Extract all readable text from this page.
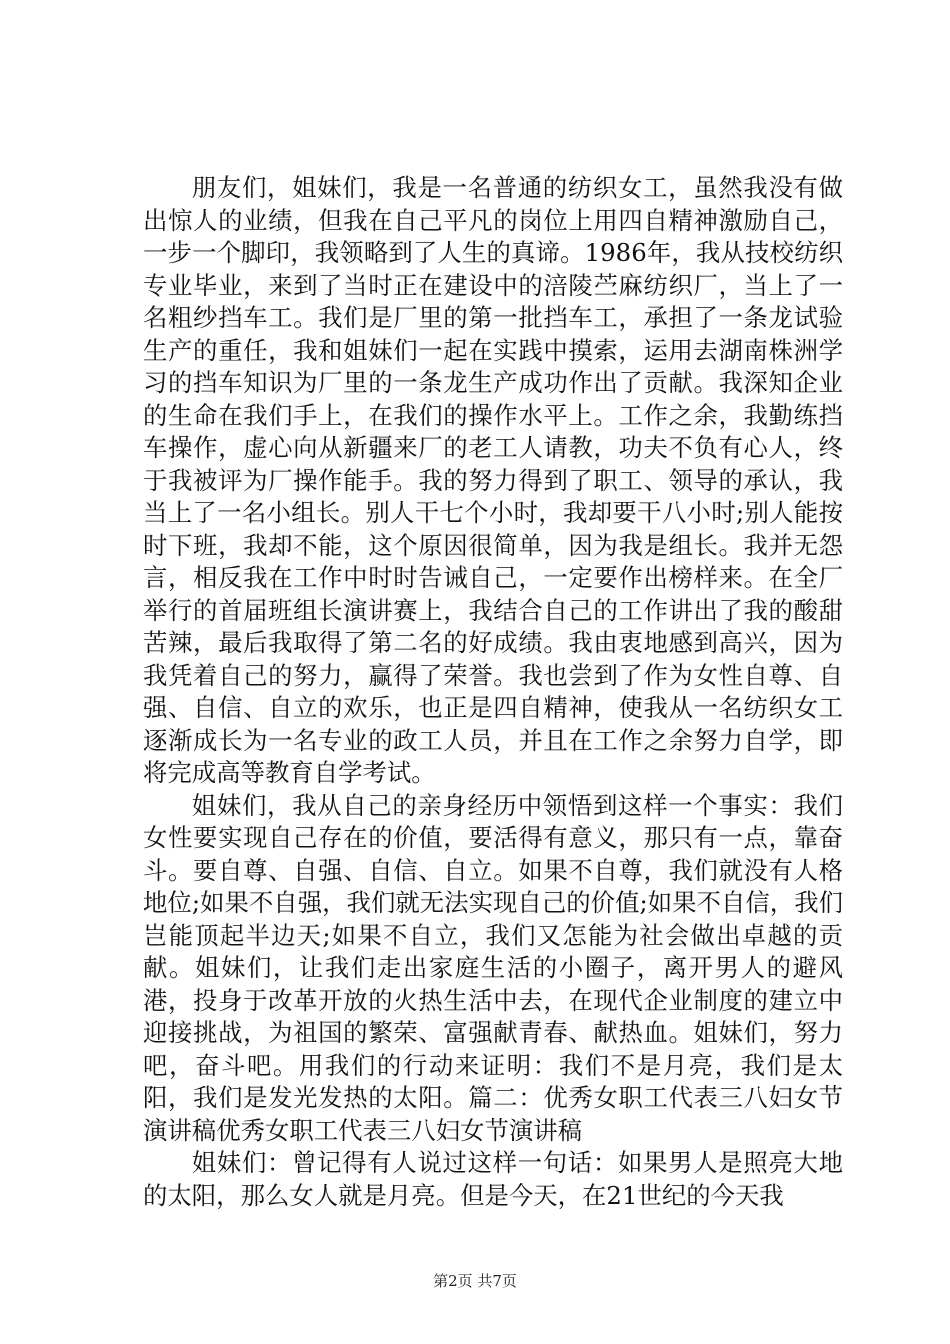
朋友们，姐妹们，我是一名普通的纺织女工，虽然我没有做出惊人的业绩，但我在自己平凡的岗位上用四自精神激励自己，一步一个脚印，我领略到了人生的真谛。1986年，我从技校纺织专业毕业，来到了当时正在建设中的涪陵苎麻纺织厂，当上了一名粗纱挡车工。我们是厂里的第一批挡车工，承担了一条龙试验生产的重任，我和姐妹们一起在实践中摸索，运用去湖南株洲学习的挡车知识为厂里的一条龙生产成功作出了贡献。我深知企业的生命在我们手上，在我们的操作水平上。工作之余，我勤练挡车操作，虚心向从新疆来厂的老工人请教，功夫不负有心人，终于我被评为厂操作能手。我的努力得到了职工、领导的承认，我当上了一名小组长。别人干七个小时，我却要干八小时;别人能按时下班，我却不能，这个原因很简单，因为我是组长。我并无怨言，相反我在工作中时时告诫自己，一定要作出榜样来。在全厂举行的首届班组长演讲赛上，我结合自己的工作讲出了我的酸甜苦辣，最后我取得了第二名的好成绩。我由衷地感到高兴，因为我凭着自己的努力，赢得了荣誉。我也尝到了作为女性自尊、自强、自信、自立的欢乐，也正是四自精神，使我从一名纺织女工逐渐成长为一名专业的政工人员，并且在工作之余努力自学，即将完成高等教育自学考试。

姐妹们，我从自己的亲身经历中领悟到这样一个事实：我们女性要实现自己存在的价值，要活得有意义，那只有一点，靠奋斗。要自尊、自强、自信、自立。如果不自尊，我们就没有人格地位;如果不自强，我们就无法实现自己的价值;如果不自信，我们岂能顶起半边天;如果不自立，我们又怎能为社会做出卓越的贡献。姐妹们，让我们走出家庭生活的小圈子，离开男人的避风港，投身于改革开放的火热生活中去，在现代企业制度的建立中迎接挑战，为祖国的繁荣、富强献青春、献热血。姐妹们，努力吧，奋斗吧。用我们的行动来证明：我们不是月亮，我们是太阳，我们是发光发热的太阳。篇二：优秀女职工代表三八妇女节演讲稿优秀女职工代表三八妇女节演讲稿

姐妹们：曾记得有人说过这样一句话：如果男人是照亮大地的太阳，那么女人就是月亮。但是今天，在21世纪的今天我

第2页 共7页
